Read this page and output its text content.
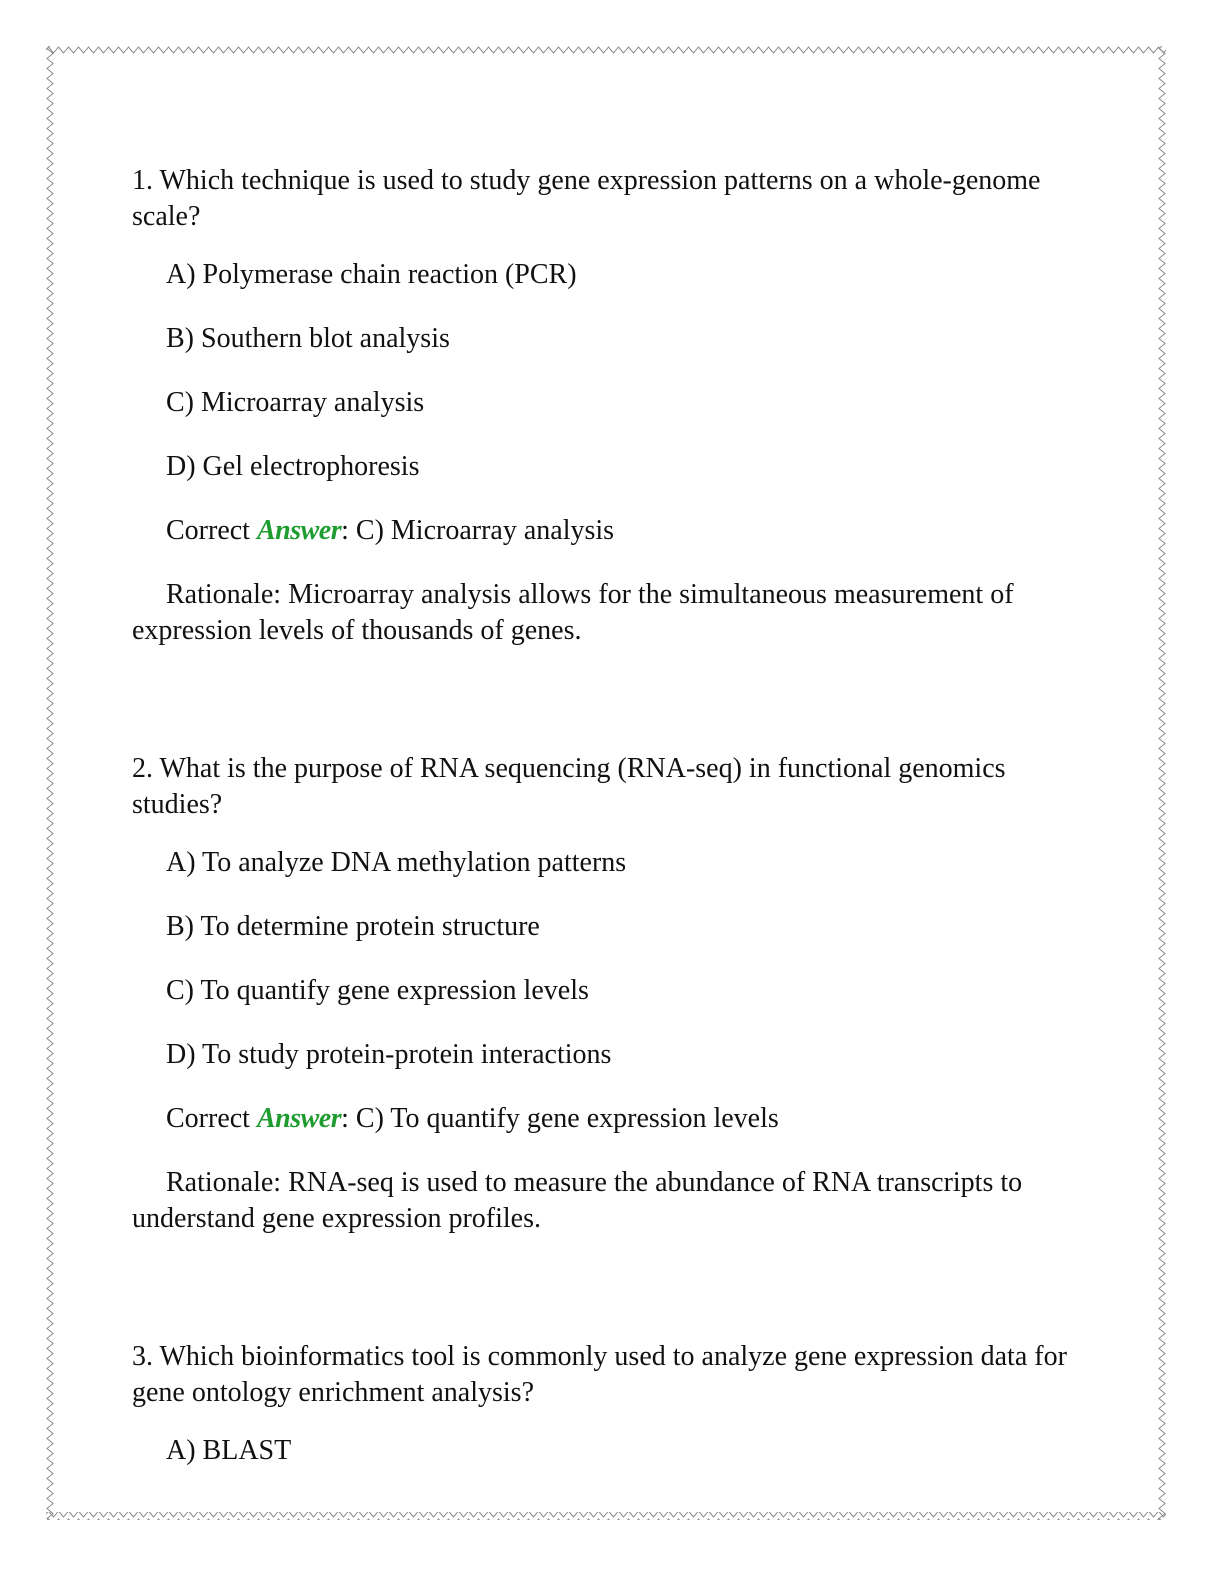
1. Which technique is used to study gene expression patterns on a whole-genome scale?

A) Polymerase chain reaction (PCR)

B) Southern blot analysis

C) Microarray analysis

D) Gel electrophoresis

Correct Answer: C) Microarray analysis

Rationale: Microarray analysis allows for the simultaneous measurement of expression levels of thousands of genes.

2. What is the purpose of RNA sequencing (RNA-seq) in functional genomics studies?

A) To analyze DNA methylation patterns

B) To determine protein structure

C) To quantify gene expression levels

D) To study protein-protein interactions

Correct Answer: C) To quantify gene expression levels

Rationale: RNA-seq is used to measure the abundance of RNA transcripts to understand gene expression profiles.

3. Which bioinformatics tool is commonly used to analyze gene expression data for gene ontology enrichment analysis?

A) BLAST
